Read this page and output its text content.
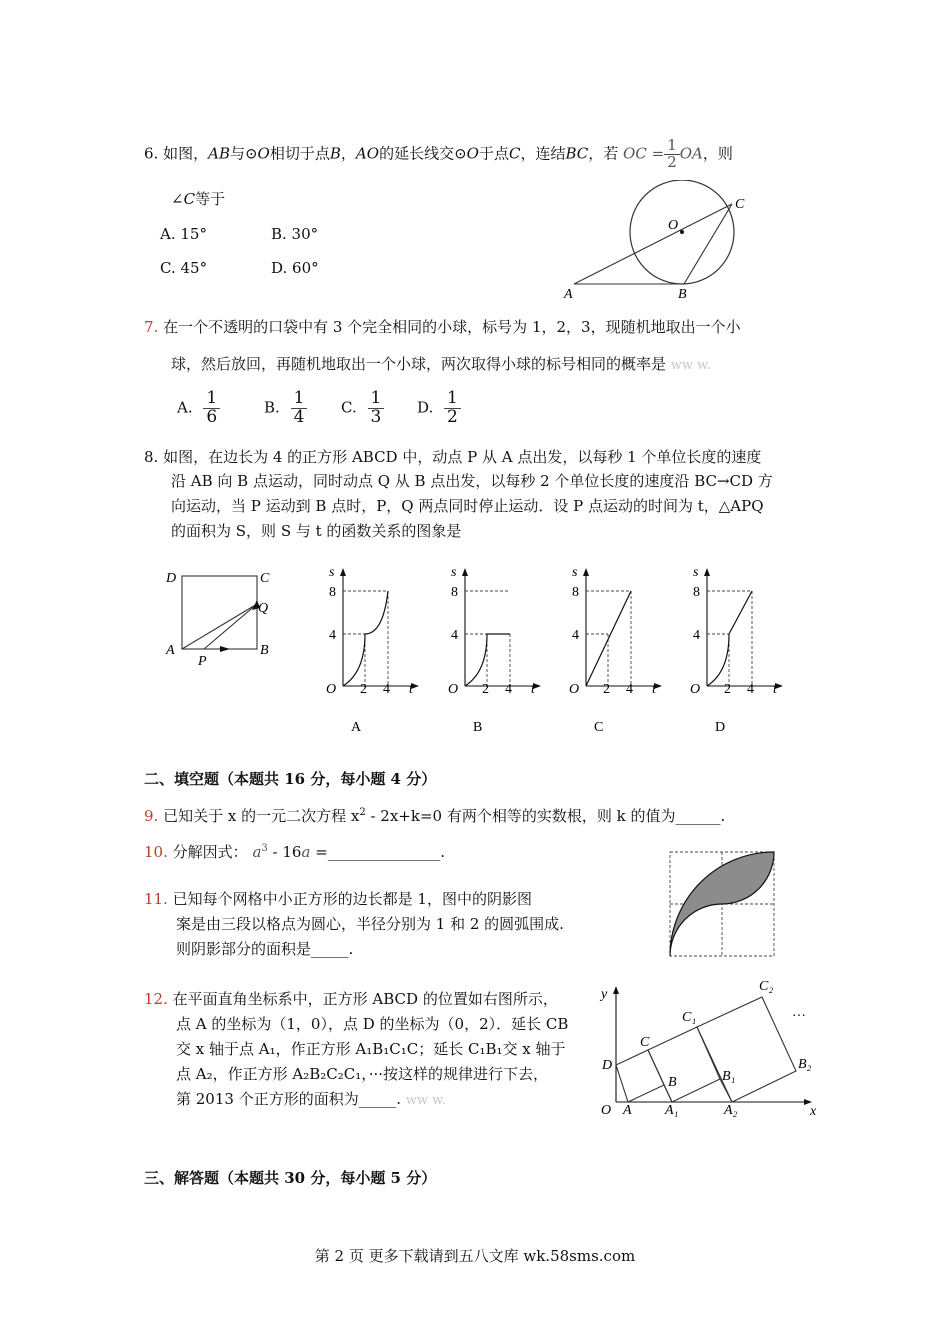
6. 如图，AB与⊙O相切于点B，AO的延长线交⊙O于点C，连结BC，若 OC = $\frac{1}{2}$ OA，则
∠C等于
A. 15°	B. 30°
C. 45°	D. 60°
O
C
A	B
7. 在一个不透明的口袋中有 3 个完全相同的小球，标号为 1，2，3，现随机地取出一个小
球，然后放回，再随机地取出一个小球，两次取得小球的标号相同的概率是 ww w.
A. $\frac{1}{6}$	B. $\frac{1}{4} C$. $\frac{1}{3} D$. $\frac{1}{2}$
8. 如图，在边长为 4 的正方形 ABCD 中，动点 P 从 A 点出发，以每秒 1 个单位长度的速度
沿 AB 向 B 点运动，同时动点 Q 从 B 点出发，以每秒 2 个单位长度的速度沿 BC→CD 方
向运动，当 P 运动到 B 点时，P，Q 两点同时停止运动．设 P 点运动的时间为 t，△APQ
的面积为 S，则 S 与 t 的函数关系的图象是
D	C
Q
A
P
B
s
8
4
O 2 4 t
A
s
8
4
O 2 4 t
B
s
8
4
O 2 4 t
C
s
8
4
O 2 4 t
D
二、填空题（本题共 16 分，每小题 4 分）
9. 已知关于 x 的一元二次方程 $x^2 - 2x+k=0$ 有两个相等的实数根，则 k 的值为______.
10. 分解因式： $a^3 - 16a$ =_______________.
11. 已知每个网格中小正方形的边长都是 1，图中的阴影图
案是由三段以格点为圆心，半径分别为 1 和 2 的圆弧围成.
则阴影部分的面积是_____.
12. 在平面直角坐标系中，正方形 ABCD 的位置如右图所示，
点 A 的坐标为（1，0），点 D 的坐标为（0，2）．延长 CB
交 x 轴于点 A₁，作正方形 A₁B₁C₁C；延长 C₁B₁交 x 轴于
点 A₂，作正方形 A₂B₂C₂C₁，···按这样的规律进行下去，
第 2013 个正方形的面积为_____. ww w.
y
x
O A A₁	A₂
D
B
C
B₁
C₁
B₂
C₂
···
三、解答题（本题共 30 分，每小题 5 分）
第 2 页 更多下载请到五八文库 wk.58sms.com
